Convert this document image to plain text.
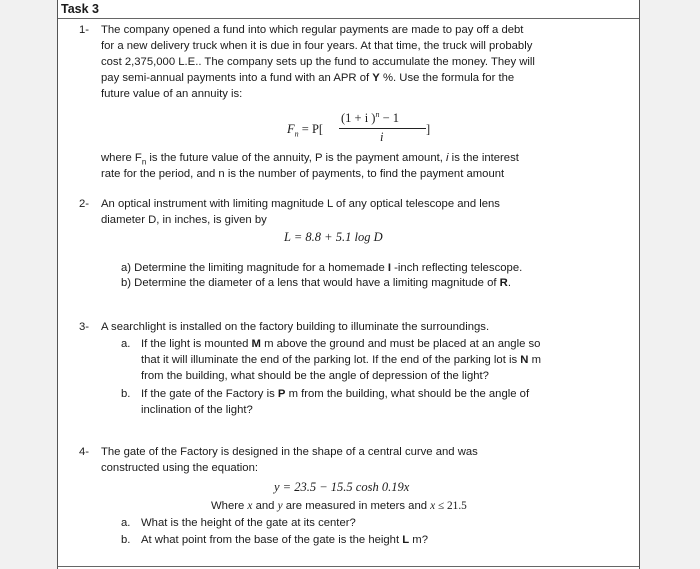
Task 3
1- The company opened a fund into which regular payments are made to pay off a debt
for a new delivery truck when it is due in four years. At that time, the truck will probably
cost 2,375,000 L.E.. The company sets up the fund to accumulate the money. They will
pay semi-annual payments into a fund with an APR of Y %. Use the formula for the
future value of an annuity is:
$F_n = P$[
(1 + i )$^n$ − 1
i
]
where $F_n$ is the future value of the annuity, P is the payment amount, i is the interest
rate for the period, and n is the number of payments, to find the payment amount
2- An optical instrument with limiting magnitude L of any optical telescope and lens
diameter D, in inches, is given by
L = 8.8 + 5.1 log D
a) Determine the limiting magnitude for a homemade I -inch reflecting telescope.
b) Determine the diameter of a lens that would have a limiting magnitude of R.
3- A searchlight is installed on the factory building to illuminate the surroundings.
a. If the light is mounted M m above the ground and must be placed at an angle so
that it will illuminate the end of the parking lot. If the end of the parking lot is N m
from the building, what should be the angle of depression of the light?
b. If the gate of the Factory is P m from the building, what should be the angle of
inclination of the light?
4- The gate of the Factory is designed in the shape of a central curve and was
constructed using the equation:
y = 23.5 − 15.5 cosh 0.19x
Where x and y are measured in meters and x ≤ 21.5
a. What is the height of the gate at its center?
b. At what point from the base of the gate is the height L m?
